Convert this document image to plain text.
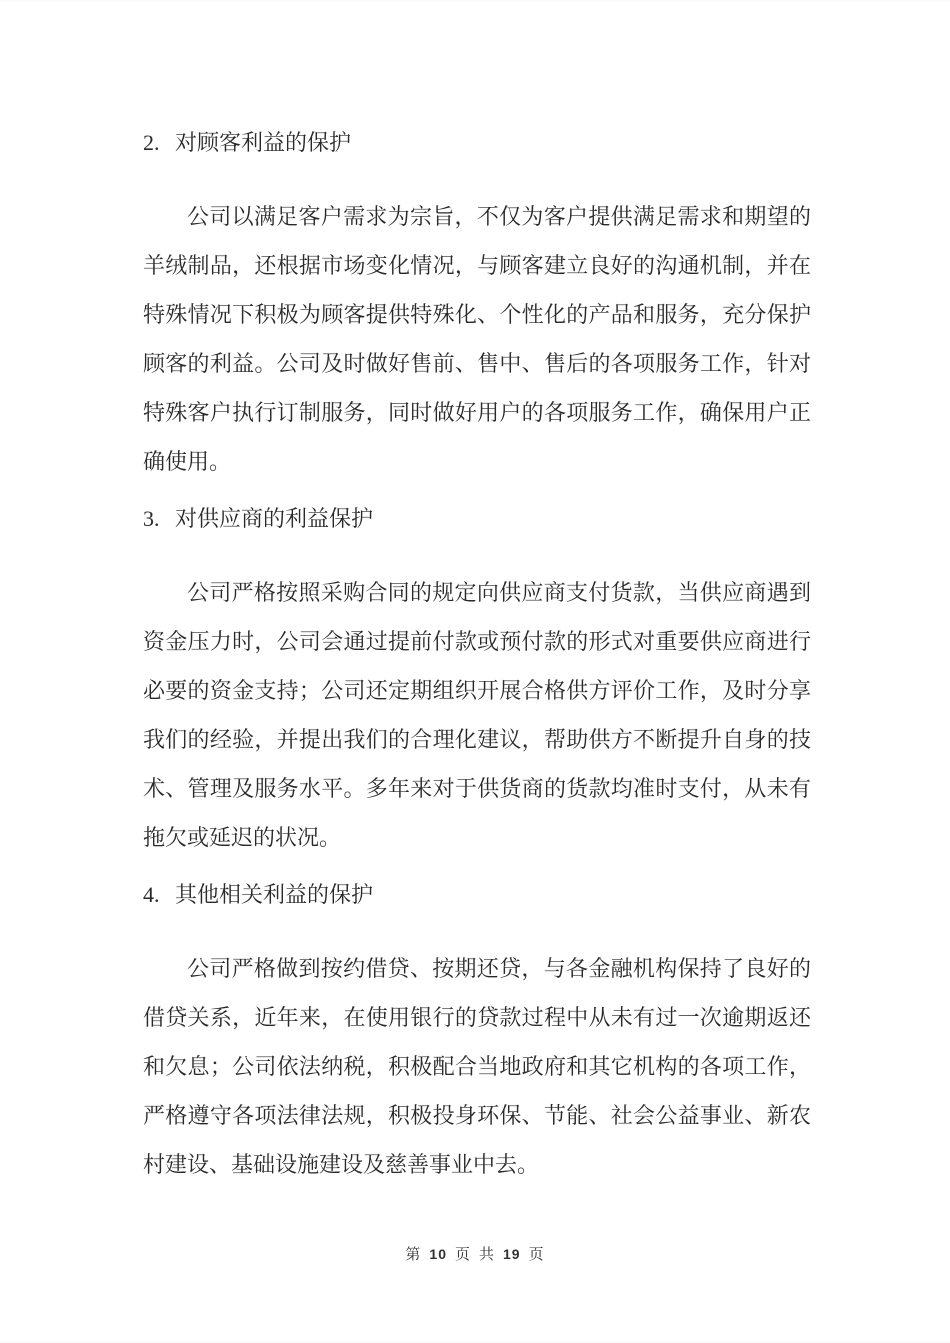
2. 对顾客利益的保护
公司以满足客户需求为宗旨，不仅为客户提供满足需求和期望的
羊绒制品，还根据市场变化情况，与顾客建立良好的沟通机制，并在
特殊情况下积极为顾客提供特殊化、个性化的产品和服务，充分保护
顾客的利益。公司及时做好售前、售中、售后的各项服务工作，针对
特殊客户执行订制服务，同时做好用户的各项服务工作，确保用户正
确使用。
3. 对供应商的利益保护
公司严格按照采购合同的规定向供应商支付货款，当供应商遇到
资金压力时，公司会通过提前付款或预付款的形式对重要供应商进行
必要的资金支持；公司还定期组织开展合格供方评价工作，及时分享
我们的经验，并提出我们的合理化建议，帮助供方不断提升自身的技
术、管理及服务水平。多年来对于供货商的货款均准时支付，从未有
拖欠或延迟的状况。
4. 其他相关利益的保护
公司严格做到按约借贷、按期还贷，与各金融机构保持了良好的
借贷关系，近年来，在使用银行的贷款过程中从未有过一次逾期返还
和欠息；公司依法纳税，积极配合当地政府和其它机构的各项工作，
严格遵守各项法律法规，积极投身环保、节能、社会公益事业、新农
村建设、基础设施建设及慈善事业中去。
第 10 页 共 19 页
